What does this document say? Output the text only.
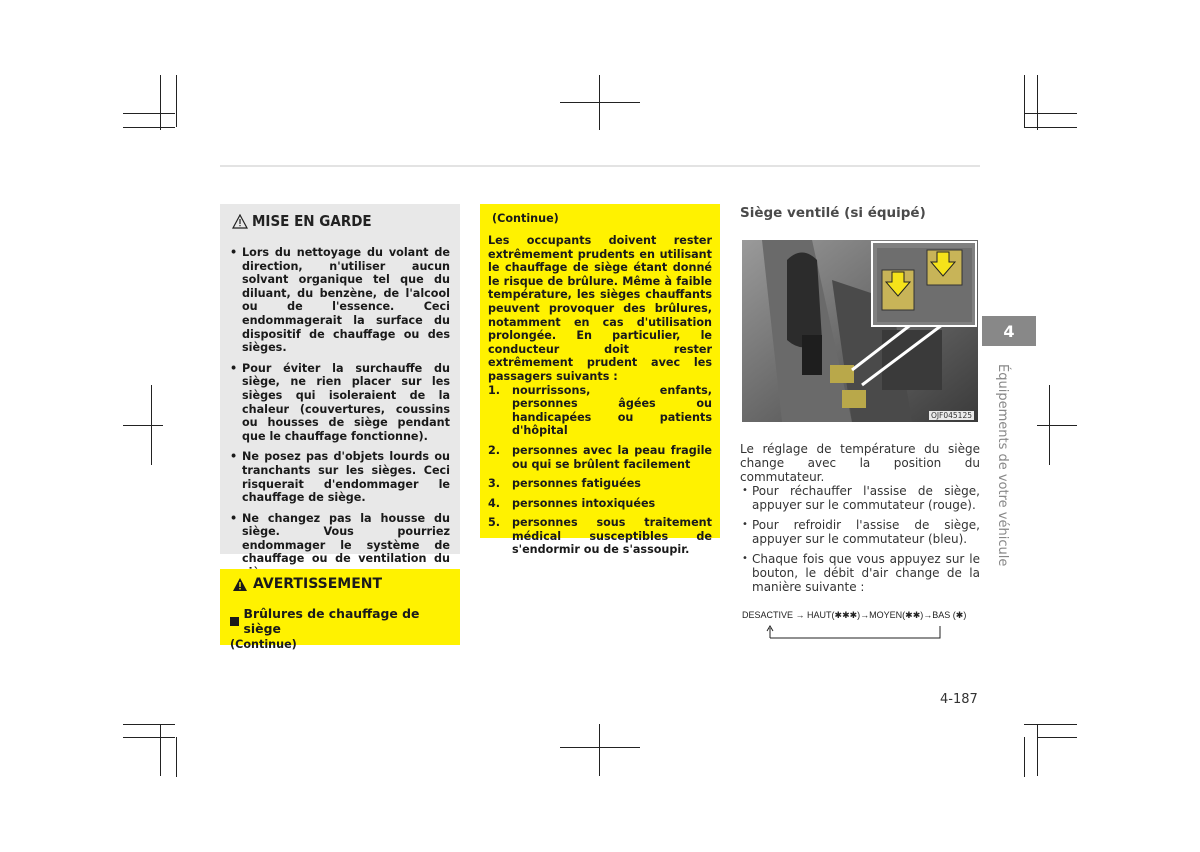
MISE EN GARDE
• Lors du nettoyage du volant de direction, n'utiliser aucun solvant organique tel que du diluant, du benzène, de l'alcool ou de l'essence. Ceci endommagerait la surface du dispositif de chauffage ou des sièges.
• Pour éviter la surchauffe du siège, ne rien placer sur les sièges qui isoleraient de la chaleur (couvertures, coussins ou housses de siège pendant que le chauffage fonctionne).
• Ne posez pas d'objets lourds ou tranchants sur les sièges. Ceci risquerait d'endommager le chauffage de siège.
• Ne changez pas la housse du siège. Vous pourriez endommager le système de chauffage ou de ventilation du
AVERTISSEMENT
Brûlures de chauffage de siège
(Continue)
(Continue)
Les occupants doivent rester extrêmement prudents en utilisant le chauffage de siège étant donné le risque de brûlure. Même à faible température, les sièges chauffants peuvent provoquer des brûlures, notamment en cas d'utilisation prolongée. En particulier, le conducteur doit rester extrêmement prudent avec les passagers suivants :
1. nourrissons, enfants, personnes âgées ou handicapées ou patients d'hôpital
2. personnes avec la peau fragile ou qui se brûlent facilement
3. personnes fatiguées
4. personnes intoxiquées
5. personnes sous traitement médical susceptibles de s'endormir ou de s'assoupir.
Siège ventilé (si équipé)
OJF045125
Le réglage de température du siège change avec la position du commutateur.
• Pour réchauffer l'assise de siège, appuyer sur le commutateur (rouge).
• Pour refroidir l'assise de siège, appuyer sur le commutateur (bleu).
• Chaque fois que vous appuyez sur le bouton, le débit d'air change de la manière suivante :
DESACTIVE → HAUT(✱✱✱)→MOYEN(✱✱)→BAS (✱)
4-187
4
Équipements de votre véhicule
